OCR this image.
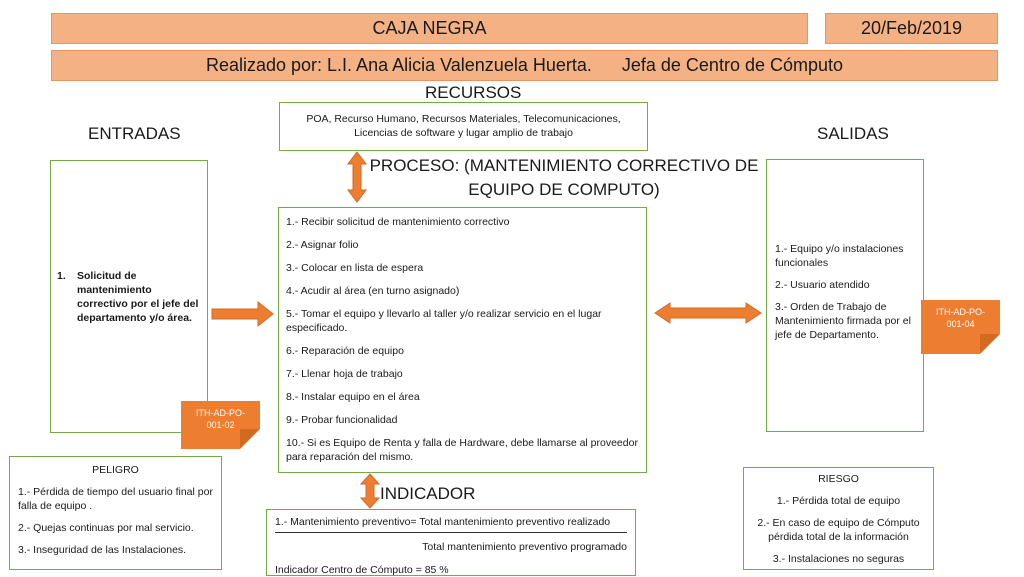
CAJA NEGRA	20/Feb/2019
Realizado por: L.I. Ana Alicia Valenzuela Huerta.      Jefa de Centro de Cómputo
RECURSOS
ENTRADAS	SALIDAS
POA, Recurso Humano, Recursos Materiales, Telecomunicaciones,
Licencias de software y lugar amplio de trabajo
PROCESO: (MANTENIMIENTO CORRECTIVO DE
EQUIPO DE COMPUTO)
1.	Solicitud de mantenimiento correctivo por el jefe del departamento y/o área.
ITH-AD-PO-
001-02
1.- Recibir solicitud de mantenimiento correctivo
2.- Asignar folio
3.- Colocar en lista de espera
4.- Acudir al área (en turno asignado)
5.- Tomar el equipo y llevarlo al taller y/o realizar servicio en el lugar especificado.
6.- Reparación de equipo
7.- Llenar hoja de trabajo
8.- Instalar equipo en el área
9.- Probar funcionalidad
10.- Si es Equipo de Renta y falla de Hardware, debe llamarse al proveedor para reparación del mismo.
1.- Equipo y/o instalaciones funcionales
2.- Usuario atendido
3.- Orden de Trabajo de Mantenimiento firmada por el jefe de Departamento.
ITH-AD-PO-
001-04
INDICADOR
PELIGRO
1.- Pérdida de tiempo del usuario final por falla de equipo .
2.- Quejas continuas por mal servicio.
3.- Inseguridad de las Instalaciones.
1.- Mantenimiento preventivo= Total mantenimiento preventivo realizado
Total mantenimiento preventivo programado
Indicador Centro de Cómputo = 85 %
RIESGO
1.- Pérdida total de equipo
2.- En caso de equipo de Cómputo pérdida total de la información
3.- Instalaciones no seguras
